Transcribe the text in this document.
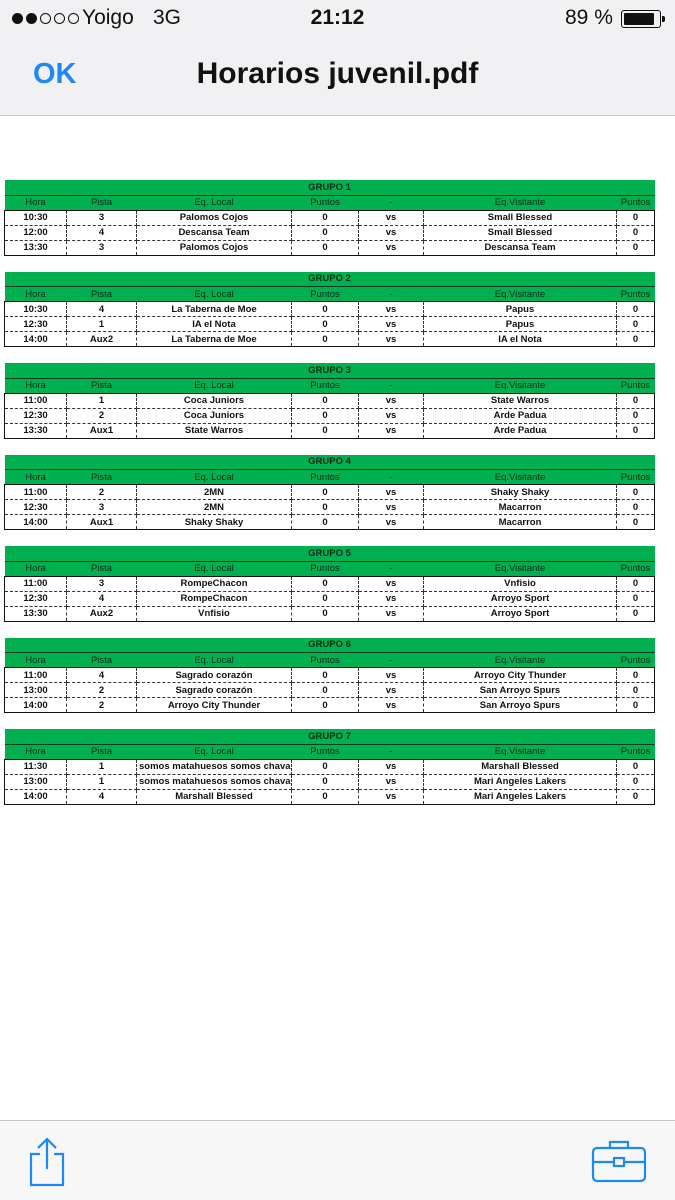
Yoigo 3G	21:12	89 %
OK	Horarios juvenil.pdf
GRUPO 1						
Hora	Pista	Eq. Local	Puntos	-	Eq.Visitante	Puntos
10:30	3	Palomos Cojos	0	vs	Small Blessed	0
12:00	4	Descansa Team	0	vs	Small Blessed	0
13:30	3	Palomos Cojos	0	vs	Descansa Team	0
GRUPO 2						
Hora	Pista	Eq. Local	Puntos	-	Eq.Visitante	Puntos
10:30	4	La Taberna de Moe	0	vs	Papus	0
12:30	1	IA el Nota	0	vs	Papus	0
14:00	Aux2	La Taberna de Moe	0	vs	IA el Nota	0
GRUPO 3						
Hora	Pista	Eq. Local	Puntos	-	Eq.Visitante	Puntos
11:00	1	Coca Juniors	0	vs	State Warros	0
12:30	2	Coca Juniors	0	vs	Arde Padua	0
13:30	Aux1	State Warros	0	vs	Arde Padua	0
GRUPO 4						
Hora	Pista	Eq. Local	Puntos	-	Eq.Visitante	Puntos
11:00	2	2MN	0	vs	Shaky Shaky	0
12:30	3	2MN	0	vs	Macarron	0
14:00	Aux1	Shaky Shaky	0	vs	Macarron	0
GRUPO 5						
Hora	Pista	Eq. Local	Puntos	-	Eq.Visitante	Puntos
11:00	3	RompeChacon	0	vs	Vnfisio	0
12:30	4	RompeChacon	0	vs	Arroyo Sport	0
13:30	Aux2	Vnfisio	0	vs	Arroyo Sport	0
GRUPO 6						
Hora	Pista	Eq. Local	Puntos	-	Eq.Visitante	Puntos
11:00	4	Sagrado corazón	0	vs	Arroyo City Thunder	0
13:00	2	Sagrado corazón	0	vs	San Arroyo Spurs	0
14:00	2	Arroyo City Thunder	0	vs	San Arroyo Spurs	0
GRUPO 7						
Hora	Pista	Eq. Local	Puntos	-	Eq.Visitante	Puntos
11:30	1	somos matahuesos somos chava	0	vs	Marshall Blessed	0
13:00	1	somos matahuesos somos chava	0	vs	Mari Angeles Lakers	0
14:00	4	Marshall Blessed	0	vs	Mari Angeles Lakers	0
